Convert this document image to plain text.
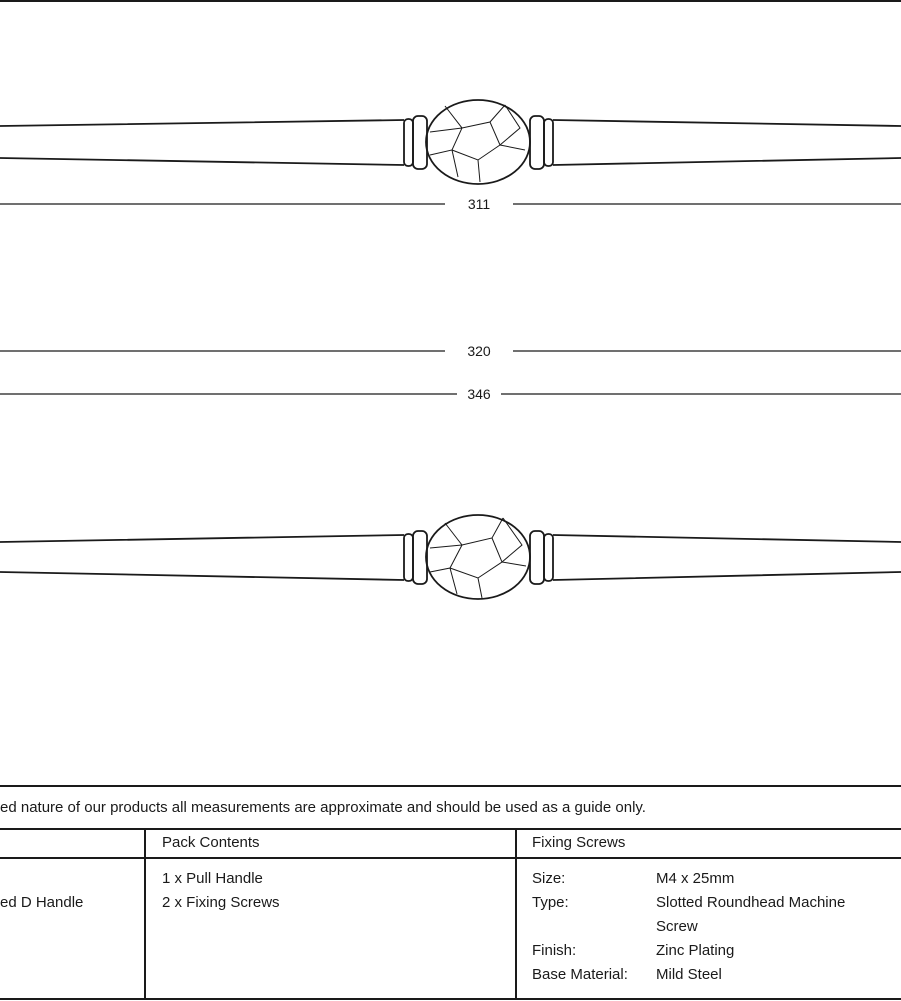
311
320
346
ed nature of our products all measurements are approximate and should be used as a guide only.
Pack Contents	Fixing Screws
ed D Handle
1 x Pull Handle
2 x Fixing Screws
Size:	M4 x 25mm
Type:	Slotted Roundhead Machine
Screw
Finish:	Zinc Plating
Base Material: Mild Steel
